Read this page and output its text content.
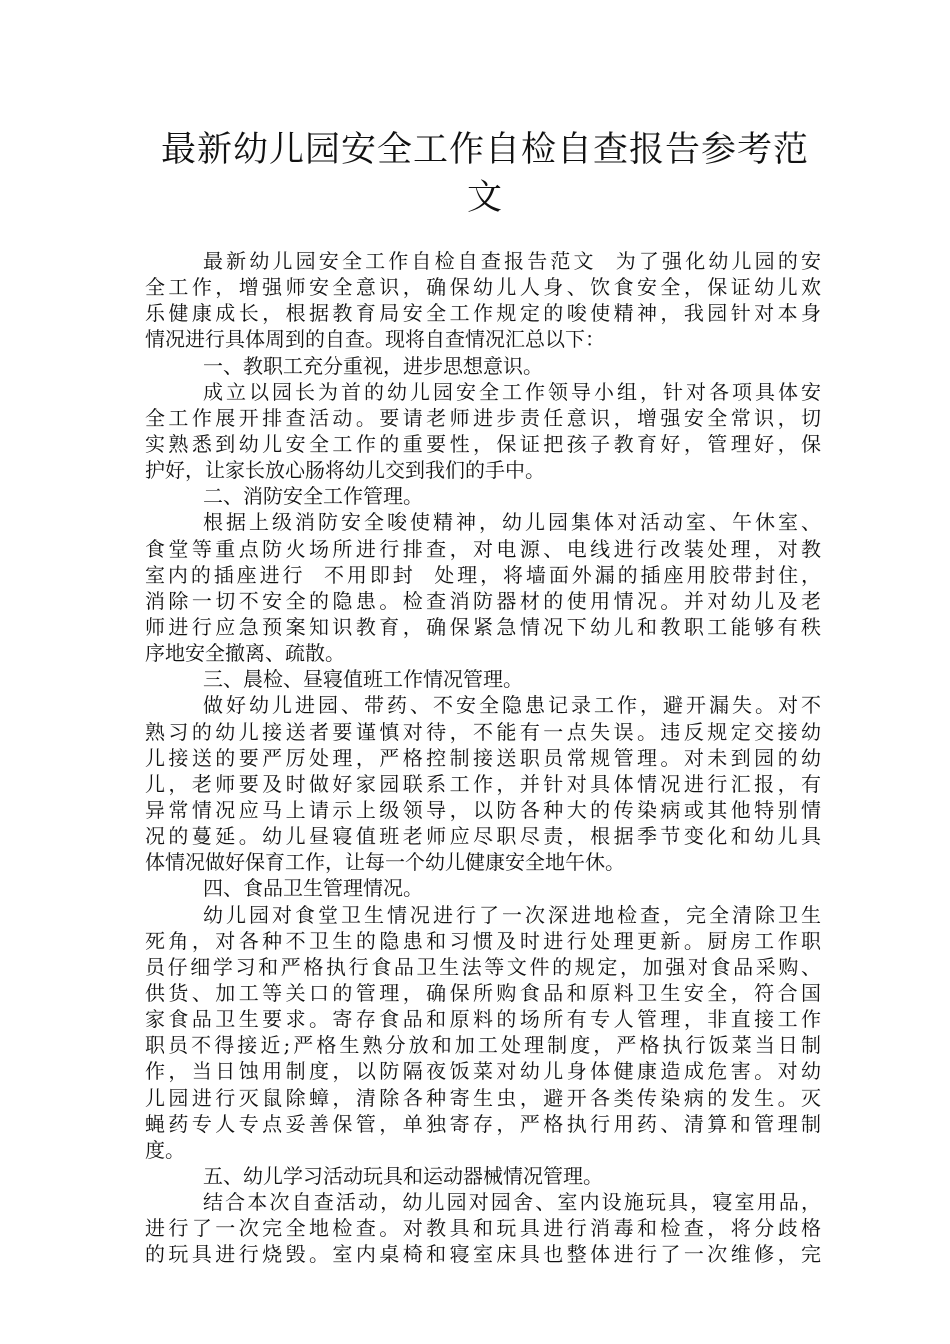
最新幼儿园安全工作自检自查报告参考范
文
最新幼儿园安全工作自检自查报告范文  为了强化幼儿园的安
全工作，增强师安全意识，确保幼儿人身、饮食安全，保证幼儿欢
乐健康成长，根据教育局安全工作规定的唆使精神，我园针对本身
情况进行具体周到的自查。现将自查情况汇总以下：
一、教职工充分重视，进步思想意识。
成立以园长为首的幼儿园安全工作领导小组，针对各项具体安
全工作展开排查活动。要请老师进步责任意识，增强安全常识，切
实熟悉到幼儿安全工作的重要性，保证把孩子教育好，管理好，保
护好，让家长放心肠将幼儿交到我们的手中。
二、消防安全工作管理。
根据上级消防安全唆使精神，幼儿园集体对活动室、午休室、
食堂等重点防火场所进行排查，对电源、电线进行改装处理，对教
室内的插座进行  不用即封  处理，将墙面外漏的插座用胶带封住，
消除一切不安全的隐患。检查消防器材的使用情况。并对幼儿及老
师进行应急预案知识教育，确保紧急情况下幼儿和教职工能够有秩
序地安全撤离、疏散。
三、晨检、昼寝值班工作情况管理。
做好幼儿进园、带药、不安全隐患记录工作，避开漏失。对不
熟习的幼儿接送者要谨慎对待，不能有一点失误。违反规定交接幼
儿接送的要严厉处理，严格控制接送职员常规管理。对未到园的幼
儿，老师要及时做好家园联系工作，并针对具体情况进行汇报，有
异常情况应马上请示上级领导，以防各种大的传染病或其他特别情
况的蔓延。幼儿昼寝值班老师应尽职尽责，根据季节变化和幼儿具
体情况做好保育工作，让每一个幼儿健康安全地午休。
四、食品卫生管理情况。
幼儿园对食堂卫生情况进行了一次深进地检查，完全清除卫生
死角，对各种不卫生的隐患和习惯及时进行处理更新。厨房工作职
员仔细学习和严格执行食品卫生法等文件的规定，加强对食品采购、
供货、加工等关口的管理，确保所购食品和原料卫生安全，符合国
家食品卫生要求。寄存食品和原料的场所有专人管理，非直接工作
职员不得接近;严格生熟分放和加工处理制度，严格执行饭菜当日制
作，当日蚀用制度，以防隔夜饭菜对幼儿身体健康造成危害。对幼
儿园进行灭鼠除蟑，清除各种寄生虫，避开各类传染病的发生。灭
蝇药专人专点妥善保管，单独寄存，严格执行用药、清算和管理制
度。
五、幼儿学习活动玩具和运动器械情况管理。
结合本次自查活动，幼儿园对园舍、室内设施玩具，寝室用品，
进行了一次完全地检查。对教具和玩具进行消毒和检查，将分歧格
的玩具进行烧毁。室内桌椅和寝室床具也整体进行了一次维修，完
